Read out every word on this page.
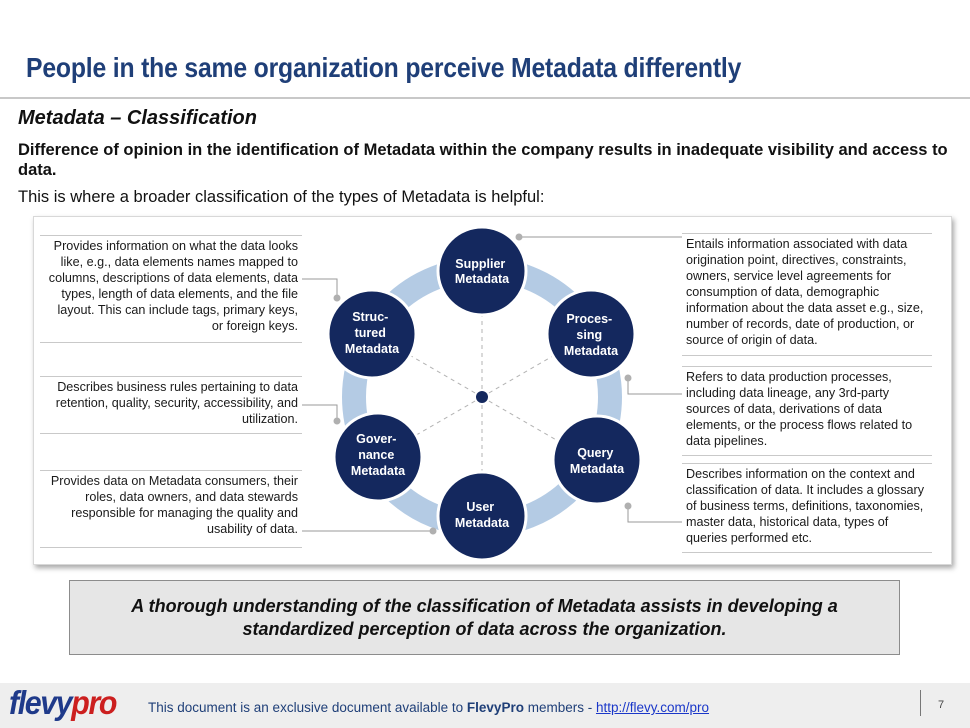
People in the same organization perceive Metadata differently
Metadata – Classification
Difference of opinion in the identification of Metadata within the company results in inadequate visibility and access to data.
This is where a broader classification of the types of Metadata is helpful:
Supplier Metadata
Proces- sing Metadata
Query Metadata
User Metadata
Gover- nance Metadata
Struc- tured Metadata
Provides information on what the data looks like, e.g., data elements names mapped to columns, descriptions of data elements, data types, length of data elements, and the file layout. This can include tags, primary keys, or foreign keys.
Describes business rules pertaining to data retention, quality, security, accessibility, and utilization.
Provides data on Metadata consumers, their roles, data owners, and data stewards responsible for managing the quality and usability of data.
Entails information associated with data origination point, directives, constraints, owners, service level agreements for consumption of data, demographic information about the data asset e.g., size, number of records, date of production, or source of origin of data.
Refers to data production processes, including data lineage, any 3rd-party sources of data, derivations of data elements, or the process flows related to data pipelines.
Describes information on the context and classification of data. It includes a glossary of business terms, definitions, taxonomies, master data, historical data, types of queries performed etc.
A thorough understanding of the classification of Metadata assists in developing a standardized perception of data across the organization.
flevypro This document is an exclusive document available to FlevyPro members - http://flevy.com/pro	7
